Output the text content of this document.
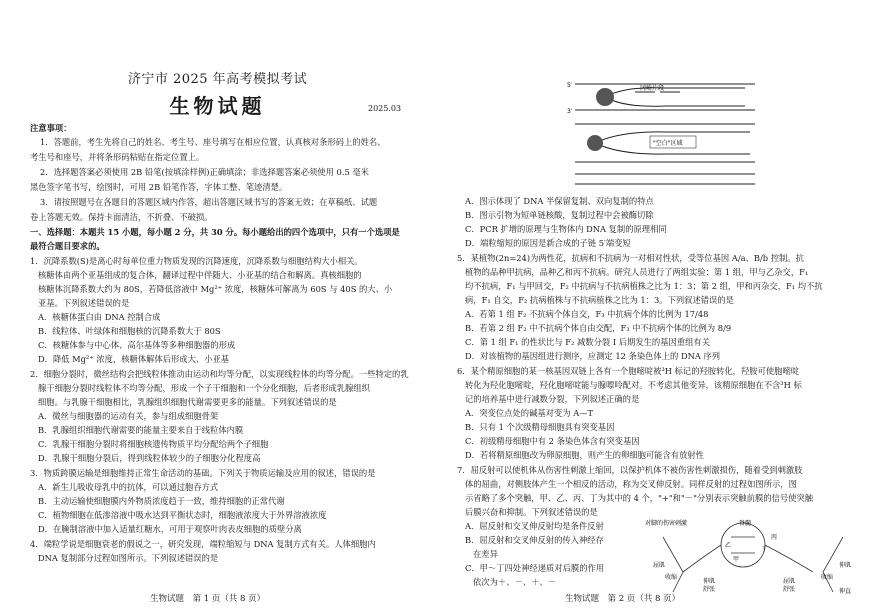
济宁市 2025 年高考模拟考试
生物试题	2025.03
注意事项：
1．答题前，考生先将自己的姓名、考生号、座号填写在相应位置，认真核对条形码上的姓名、
考生号和座号，并将条形码粘贴在指定位置上。
2．选择题答案必须使用 2B 铅笔(按填涂样例)正确填涂；非选择题答案必须使用 0.5 毫米
黑色签字笔书写，绘图时，可用 2B 铅笔作答，字体工整、笔迹清楚。
3．请按照题号在各题目的答题区域内作答，超出答题区域书写的答案无效；在草稿纸、试题
卷上答题无效。保持卡面清洁，不折叠、不破损。
一、选择题：本题共 15 小题，每小题 2 分，共 30 分。每小题给出的四个选项中，只有一个选项是
最符合题目要求的。
1．沉降系数(S)是离心时每单位重力物质发现的沉降速度，沉降系数与细胞结构大小相关。
核糖体由两个亚基组成的复合体，翻译过程中伴随大、小亚基的结合和解离。真核细胞的
核糖体沉降系数大约为 80S，若降低溶液中 Mg²⁺ 浓度，核糖体可解离为 60S 与 40S 的大、小
亚基。下列叙述错误的是
A．核糖体蛋白由 DNA 控制合成
B．线粒体、叶绿体和细胞核的沉降系数大于 80S
C．核糖体参与中心体、高尔基体等多种细胞器的形成
D．降低 Mg²⁺ 浓度，核糖体解体后形成大、小亚基
2．细胞分裂时，微丝结构会把线粒体推动由运动和均等分配，以实现线粒体的均等分配。一些特定的乳
腺干细胞分裂时线粒体不均等分配，形成一个子干细胞和一个分化细胞，后者形成乳腺组织
细胞。与乳腺干细胞相比，乳腺组织细胞代谢需要更多的能量。下列叙述错误的是
A．微丝与细胞器的运动有关，参与组成细胞骨架
B．乳腺组织细胞代谢需要的能量主要来自于线粒体内膜
C．乳腺干细胞分裂时将细胞核遗传物质平均分配给两个子细胞
D．乳腺干细胞分裂后，得到线粒体较少的子细胞分化程度高
3．物质跨膜运输是细胞维持正常生命活动的基础。下列关于物质运输及应用的叙述，错误的是
A．新生儿吸收母乳中的抗体，可以通过胞吞方式
B．主动运输使细胞膜内外物质浓度趋于一致，维持细胞的正常代谢
C．植物细胞在低渗溶液中吸水达到平衡状态时，细胞液浓度大于外界溶液浓度
D．在腌制溶液中加入适量红糖水，可用于观察叶肉表皮细胞的质壁分离
4．端粒学说是细胞衰老的假说之一，研究发现，端粒缩短与 DNA 复制方式有关。人体细胞内
DNA 复制部分过程如图所示。下列叙述错误的是
生物试题　第 1 页（共 8 页）
5′
3′
冈崎片段
"空白"区域
A．图示体现了 DNA 半保留复制、双向复制的特点
B．图示引物为短单链核酸，复制过程中会被酶切除
C．PCR 扩增的原理与生物体内 DNA 复制的原理相同
D．端粒缩短的原因是新合成的子链 5′端变短
5．某植物(2n=24)为两性花，抗病和不抗病为一对相对性状，受等位基因 A/a、B/b 控制。抗
植物的品种甲抗病，品种乙和丙不抗病。研究人员进行了两组实验：第 1 组，甲与乙杂交，F₁
均不抗病，F₁ 与甲回交，F₂ 中抗病与不抗病植株之比为 1：3；第 2 组，甲和丙杂交，F₁ 均不抗
病，F₁ 自交，F₂ 抗病植株与不抗病植株之比为 1：3。下列叙述错误的是
A．若第 1 组 F₂ 不抗病个体自交，F₃ 中抗病个体的比例为 17/48
B．若第 2 组 F₂ 中不抗病个体自由交配，F₃ 中不抗病个体的比例为 8/9
C．第 1 组 F₁ 的性状比与 F₂ 减数分裂 I 后期发生的基因重组有关
D．对该植物的基因组进行测序，应测定 12 条染色体上的 DNA 序列
6．某个精原细胞的某一核基因双链上各有一个胞嘧啶被³H 标记的羟胺转化，羟胺可使胞嘧啶
转化为羟化胞嘧啶，羟化胞嘧啶能与腺嘌呤配对。不考虑其他变异，该精原细胞在不含³H 标
记的培养基中进行减数分裂，下列叙述正确的是
A．突变位点处的碱基对变为 A—T
B．只有 1 个次级精母细胞具有突变基因
C．初级精母细胞中有 2 条染色体含有突变基因
D．若将精原细胞改为卵原细胞，则产生的卵细胞可能含有放射性
7．屈反射可以使机体从伤害性刺激上缩回，以保护机体不被伤害性刺激损伤，随着受到刺激肢
体的屈曲，对侧肢体产生一个相反的活动，称为交叉伸反射。同样反射的过程如图所示，图
示省略了多个突触，甲、乙、丙、丁为其中的 4 个，"+"和"－"分别表示突触前膜的信号使突触
后膜兴奋和抑制。下列叙述错误的是
A．屈反射和交叉伸反射均是条件反射
B．屈反射和交叉伸反射的传入神经存
在差异
C．甲～丁四处神经递质对后膜的作用
依次为＋、－、＋、－
对脚的伤害刺激	脊髓
甲
乙
丙
丁
屈肌
伸肌	屈肌
伸肌
收缩
舒张
收缩
舒张	伸直
生物试题　第 2 页（共 8 页）
